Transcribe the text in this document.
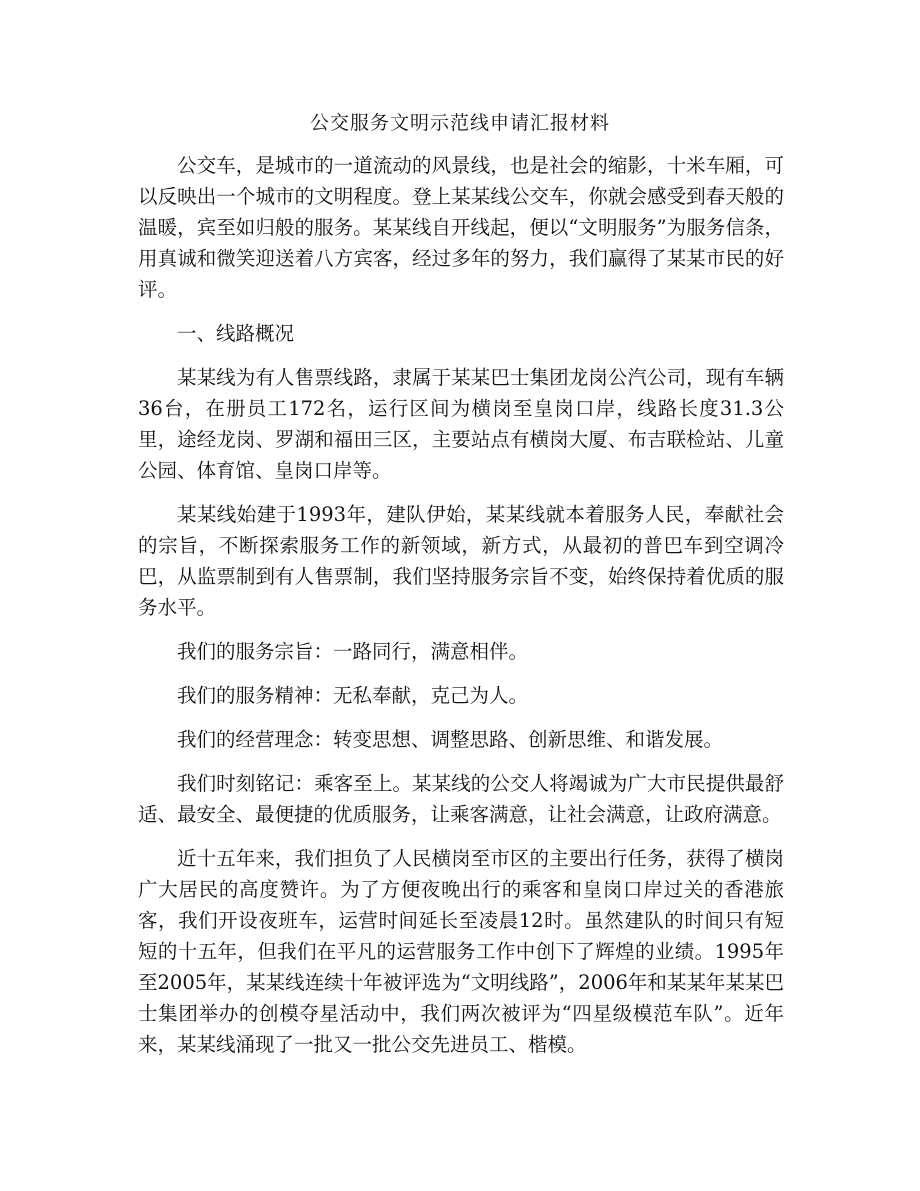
公交服务文明示范线申请汇报材料

公交车，是城市的一道流动的风景线，也是社会的缩影，十米车厢，可以反映出一个城市的文明程度。登上某某线公交车，你就会感受到春天般的温暖，宾至如归般的服务。某某线自开线起，便以“文明服务”为服务信条，用真诚和微笑迎送着八方宾客，经过多年的努力，我们赢得了某某市民的好评。

一、线路概况

某某线为有人售票线路，隶属于某某巴士集团龙岗公汽公司，现有车辆36台，在册员工172名，运行区间为横岗至皇岗口岸，线路长度31.3公里，途经龙岗、罗湖和福田三区，主要站点有横岗大厦、布吉联检站、儿童公园、体育馆、皇岗口岸等。

某某线始建于1993年，建队伊始，某某线就本着服务人民，奉献社会的宗旨，不断探索服务工作的新领域，新方式，从最初的普巴车到空调冷巴，从监票制到有人售票制，我们坚持服务宗旨不变，始终保持着优质的服务水平。

我们的服务宗旨：一路同行，满意相伴。

我们的服务精神：无私奉献，克己为人。

我们的经营理念：转变思想、调整思路、创新思维、和谐发展。

我们时刻铭记：乘客至上。某某线的公交人将竭诚为广大市民提供最舒适、最安全、最便捷的优质服务，让乘客满意，让社会满意，让政府满意。

近十五年来，我们担负了人民横岗至市区的主要出行任务，获得了横岗广大居民的高度赞许。为了方便夜晚出行的乘客和皇岗口岸过关的香港旅客，我们开设夜班车，运营时间延长至凌晨12时。虽然建队的时间只有短短的十五年，但我们在平凡的运营服务工作中创下了辉煌的业绩。1995年至2005年，某某线连续十年被评选为“文明线路”，2006年和某某年某某巴士集团举办的创模夺星活动中，我们两次被评为“四星级模范车队”。近年来，某某线涌现了一批又一批公交先进员工、楷模。
